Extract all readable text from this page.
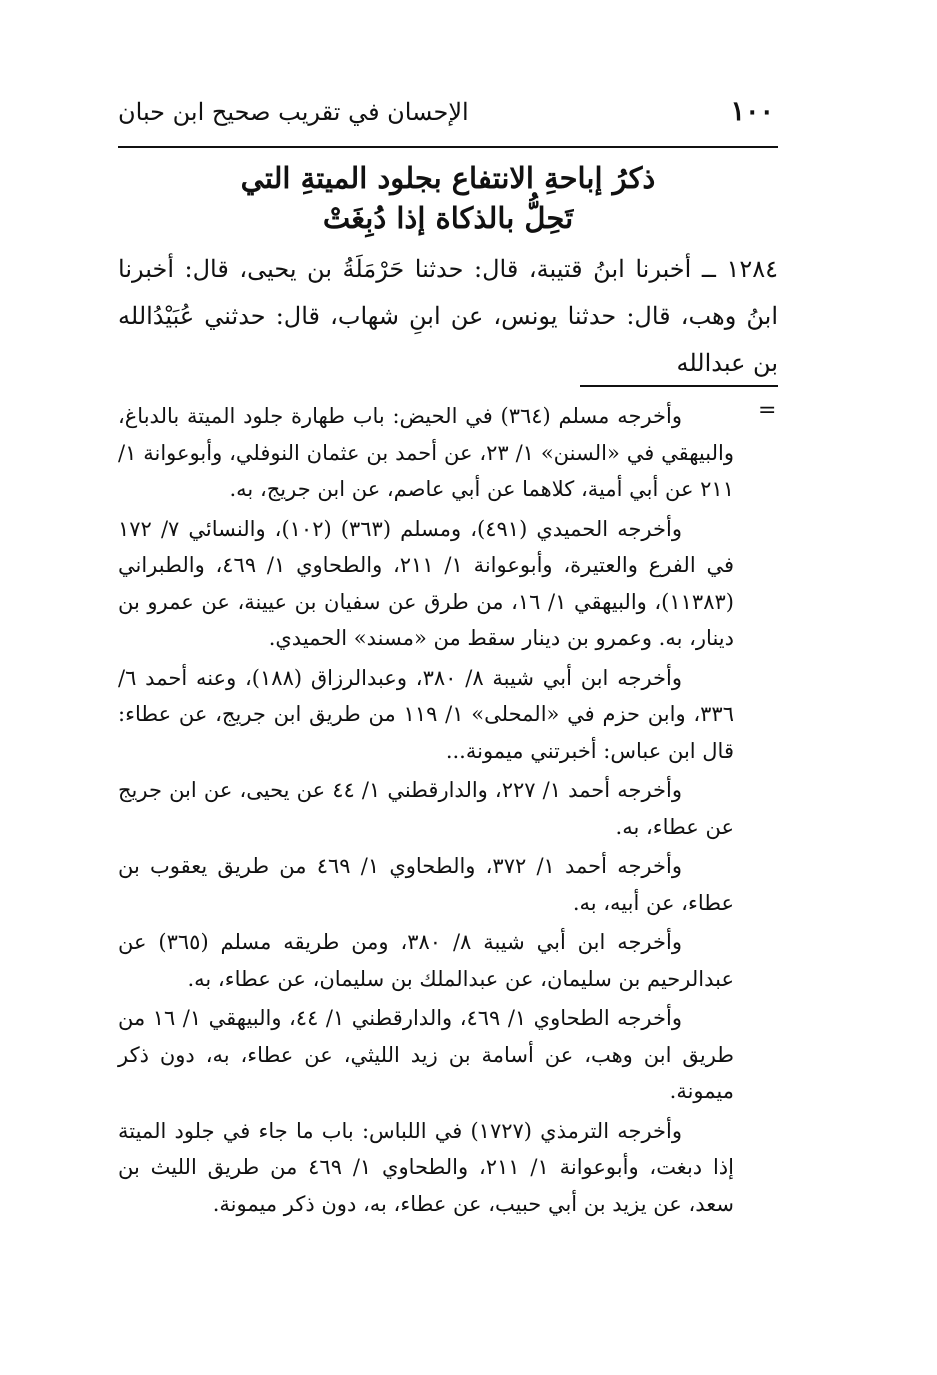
١٠٠
الإحسان في تقريب صحيح ابن حبان
ذكرُ إباحةِ الانتفاع بجلود الميتةِ التي
تَحِلُّ بالذكاة إذا دُبِغَتْ
١٢٨٤ ــ أخبرنا ابنُ قتيبة، قال: حدثنا حَرْمَلَةُ بن يحيى، قال: أخبرنا ابنُ وهب، قال: حدثنا يونس، عن ابنِ شهاب، قال: حدثني عُبَيْدُالله بن عبدالله
=

وأخرجه مسلم (٣٦٤) في الحيض: باب طهارة جلود الميتة بالدباغ، والبيهقي في «السنن» ١/ ٢٣، عن أحمد بن عثمان النوفلي، وأبوعوانة ١/ ٢١١ عن أبي أمية، كلاهما عن أبي عاصم، عن ابن جريج، به.

وأخرجه الحميدي (٤٩١)، ومسلم (٣٦٣) (١٠٢)، والنسائي ٧/ ١٧٢ في الفرع والعتيرة، وأبوعوانة ١/ ٢١١، والطحاوي ١/ ٤٦٩، والطبراني (١١٣٨٣)، والبيهقي ١/ ١٦، من طرق عن سفيان بن عيينة، عن عمرو بن دينار، به. وعمرو بن دينار سقط من «مسند» الحميدي.

وأخرجه ابن أبي شيبة ٨/ ٣٨٠، وعبدالرزاق (١٨٨)، وعنه أحمد ٦/ ٣٣٦، وابن حزم في «المحلى» ١/ ١١٩ من طريق ابن جريج، عن عطاء: قال ابن عباس: أخبرتني ميمونة...

وأخرجه أحمد ١/ ٢٢٧، والدارقطني ١/ ٤٤ عن يحيى، عن ابن جريج عن عطاء، به.

وأخرجه أحمد ١/ ٣٧٢، والطحاوي ١/ ٤٦٩ من طريق يعقوب بن عطاء، عن أبيه، به.

وأخرجه ابن أبي شيبة ٨/ ٣٨٠، ومن طريقه مسلم (٣٦٥) عن عبدالرحيم بن سليمان، عن عبدالملك بن سليمان، عن عطاء، به.

وأخرجه الطحاوي ١/ ٤٦٩، والدارقطني ١/ ٤٤، والبيهقي ١/ ١٦ من طريق ابن وهب، عن أسامة بن زيد الليثي، عن عطاء، به، دون ذكر ميمونة.

وأخرجه الترمذي (١٧٢٧) في اللباس: باب ما جاء في جلود الميتة إذا دبغت، وأبوعوانة ١/ ٢١١، والطحاوي ١/ ٤٦٩ من طريق الليث بن سعد، عن يزيد بن أبي حبيب، عن عطاء، به، دون ذكر ميمونة.
